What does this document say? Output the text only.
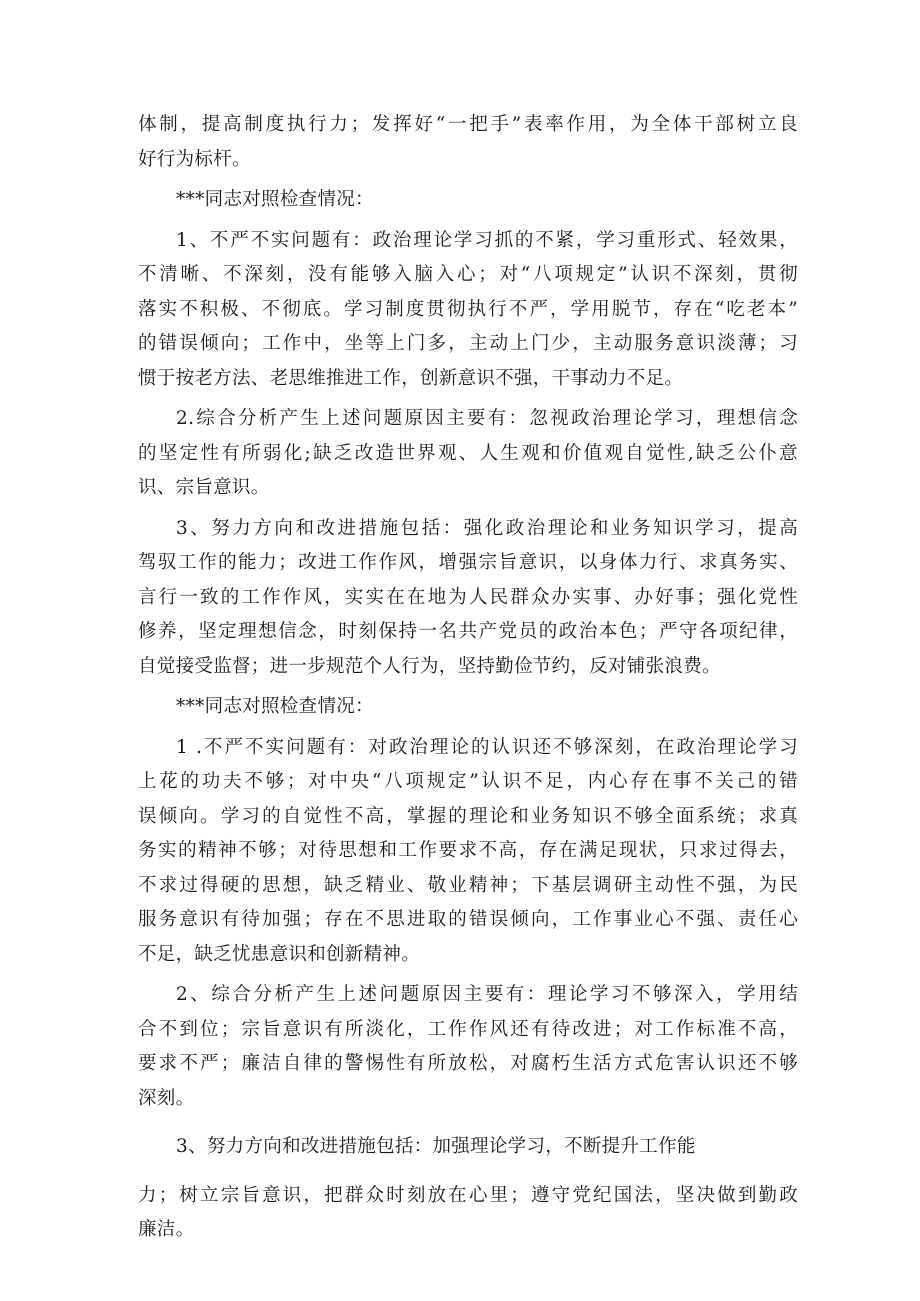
体制，提高制度执行力；发挥好“一把手”表率作用，为全体干部树立良
好行为标杆。
***同志对照检查情况：
1、不严不实问题有：政治理论学习抓的不紧，学习重形式、轻效果，
不清晰、不深刻，没有能够入脑入心；对“八项规定”认识不深刻，贯彻
落实不积极、不彻底。学习制度贯彻执行不严，学用脱节，存在“吃老本”
的错误倾向；工作中，坐等上门多，主动上门少，主动服务意识淡薄；习
惯于按老方法、老思维推进工作，创新意识不强，干事动力不足。
2.综合分析产生上述问题原因主要有：忽视政治理论学习，理想信念
的坚定性有所弱化;缺乏改造世界观、人生观和价值观自觉性,缺乏公仆意
识、宗旨意识。
3、努力方向和改进措施包括：强化政治理论和业务知识学习，提高
驾驭工作的能力；改进工作作风，增强宗旨意识，以身体力行、求真务实、
言行一致的工作作风，实实在在地为人民群众办实事、办好事；强化党性
修养，坚定理想信念，时刻保持一名共产党员的政治本色；严守各项纪律，
自觉接受监督；进一步规范个人行为，坚持勤俭节约，反对铺张浪费。
***同志对照检查情况：
1 .不严不实问题有：对政治理论的认识还不够深刻，在政治理论学习
上花的功夫不够；对中央“八项规定”认识不足，内心存在事不关己的错
误倾向。学习的自觉性不高，掌握的理论和业务知识不够全面系统；求真
务实的精神不够；对待思想和工作要求不高，存在满足现状，只求过得去，
不求过得硬的思想，缺乏精业、敬业精神；下基层调研主动性不强，为民
服务意识有待加强；存在不思进取的错误倾向，工作事业心不强、责任心
不足，缺乏忧患意识和创新精神。
2、综合分析产生上述问题原因主要有：理论学习不够深入，学用结
合不到位；宗旨意识有所淡化，工作作风还有待改进；对工作标准不高，
要求不严；廉洁自律的警惕性有所放松，对腐朽生活方式危害认识还不够
深刻。
3、努力方向和改进措施包括：加强理论学习，不断提升工作能
力；树立宗旨意识，把群众时刻放在心里；遵守党纪国法，坚决做到勤政
廉洁。
